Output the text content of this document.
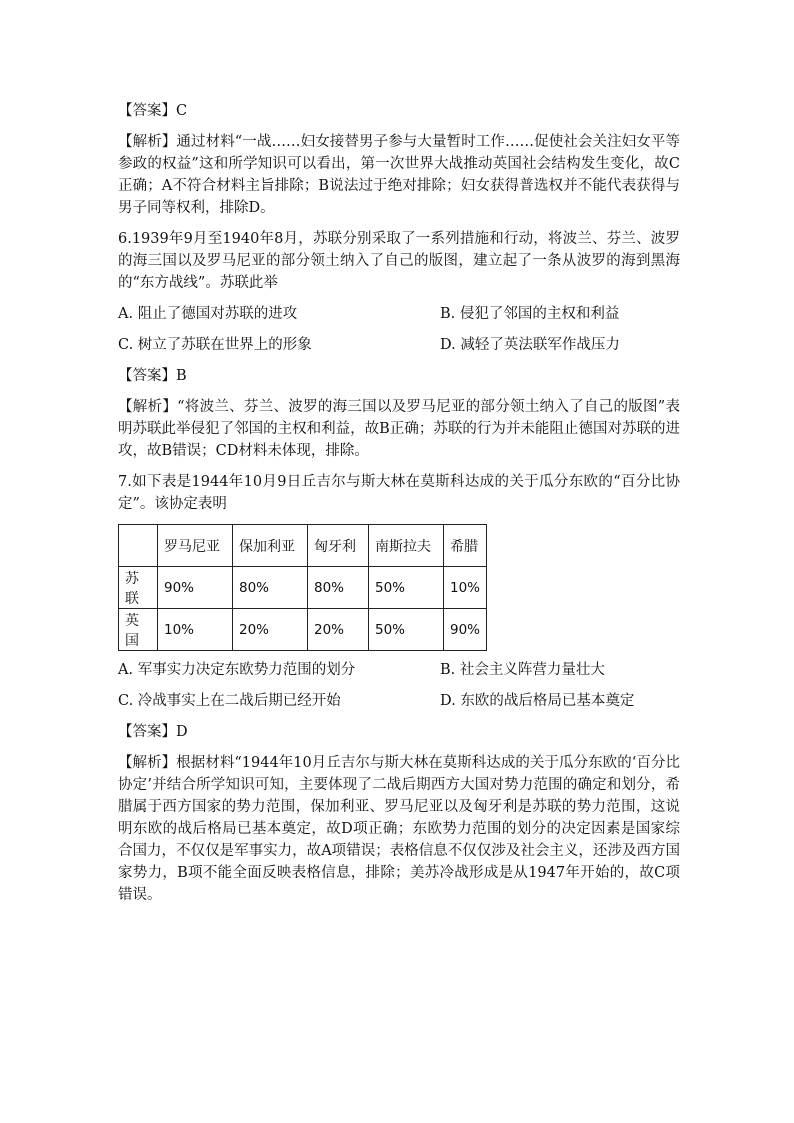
【答案】C

【解析】通过材料“一战……妇女接替男子参与大量暂时工作……促使社会关注妇女平等参政的权益”这和所学知识可以看出，第一次世界大战推动英国社会结构发生变化，故C正确；A不符合材料主旨排除；B说法过于绝对排除；妇女获得普选权并不能代表获得与男子同等权利，排除D。

6.1939年9月至1940年8月，苏联分别采取了一系列措施和行动，将波兰、芬兰、波罗的海三国以及罗马尼亚的部分领土纳入了自己的版图，建立起了一条从波罗的海到黑海的“东方战线”。苏联此举

A. 阻止了德国对苏联的进攻	B. 侵犯了邻国的主权和利益
C. 树立了苏联在世界上的形象	D. 减轻了英法联军作战压力

【答案】B

【解析】“将波兰、芬兰、波罗的海三国以及罗马尼亚的部分领土纳入了自己的版图”表明苏联此举侵犯了邻国的主权和利益，故B正确；苏联的行为并未能阻止德国对苏联的进攻，故B错误；CD材料未体现，排除。

7.如下表是1944年10月9日丘吉尔与斯大林在莫斯科达成的关于瓜分东欧的“百分比协定”。该协定表明

	罗马尼亚	保加利亚	匈牙利	南斯拉夫	希腊
苏联	90%	80%	80%	50%	10%
英国	10%	20%	20%	50%	90%
A. 军事实力决定东欧势力范围的划分	B. 社会主义阵营力量壮大
C. 冷战事实上在二战后期已经开始	D. 东欧的战后格局已基本奠定

【答案】D

【解析】根据材料“1944年10月丘吉尔与斯大林在莫斯科达成的关于瓜分东欧的‘百分比协定’并结合所学知识可知，主要体现了二战后期西方大国对势力范围的确定和划分，希腊属于西方国家的势力范围，保加利亚、罗马尼亚以及匈牙利是苏联的势力范围，这说明东欧的战后格局已基本奠定，故D项正确；东欧势力范围的划分的决定因素是国家综合国力，不仅仅是军事实力，故A项错误；表格信息不仅仅涉及社会主义，还涉及西方国家势力，B项不能全面反映表格信息，排除；美苏冷战形成是从1947年开始的，故C项错误。
